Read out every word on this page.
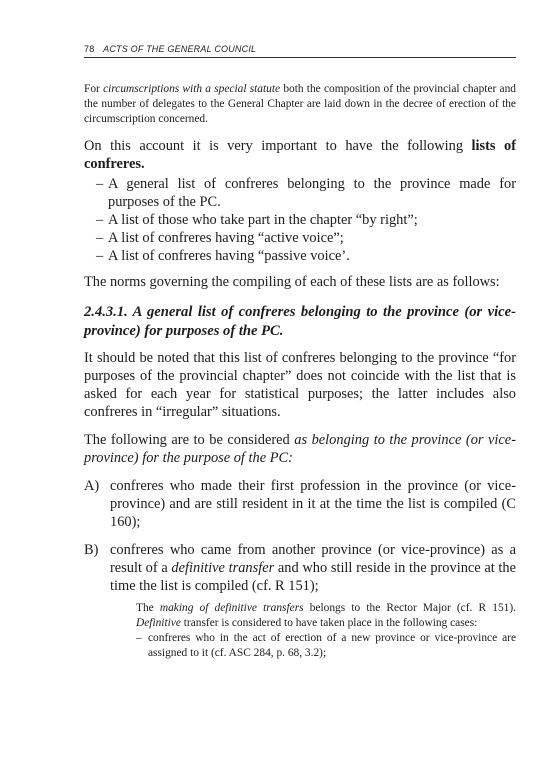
78 ACTS OF THE GENERAL COUNCIL

For circumscriptions with a special statute both the composition of the provincial chapter and the number of delegates to the General Chapter are laid down in the decree of erection of the circumscription concerned.

On this account it is very important to have the following lists of confreres.

– A general list of confreres belonging to the province made for purposes of the PC.
– A list of those who take part in the chapter “by right”;
– A list of confreres having “active voice”;
– A list of confreres having “passive voice’.

The norms governing the compiling of each of these lists are as follows:

2.4.3.1. A general list of confreres belonging to the province (or vice-province) for purposes of the PC.

It should be noted that this list of confreres belonging to the province “for purposes of the provincial chapter” does not coincide with the list that is asked for each year for statistical purposes; the latter includes also confreres in “irregular” situations.

The following are to be considered as belonging to the province (or vice-province) for the purpose of the PC:

A) confreres who made their first profession in the province (or vice-province) and are still resident in it at the time the list is compiled (C 160);
B) confreres who came from another province (or vice-province) as a result of a definitive transfer and who still reside in the province at the time the list is compiled (cf. R 151);

The making of definitive transfers belongs to the Rector Major (cf. R 151). Definitive transfer is considered to have taken place in the following cases:

– confreres who in the act of erection of a new province or vice-province are assigned to it (cf. ASC 284, p. 68, 3.2);
